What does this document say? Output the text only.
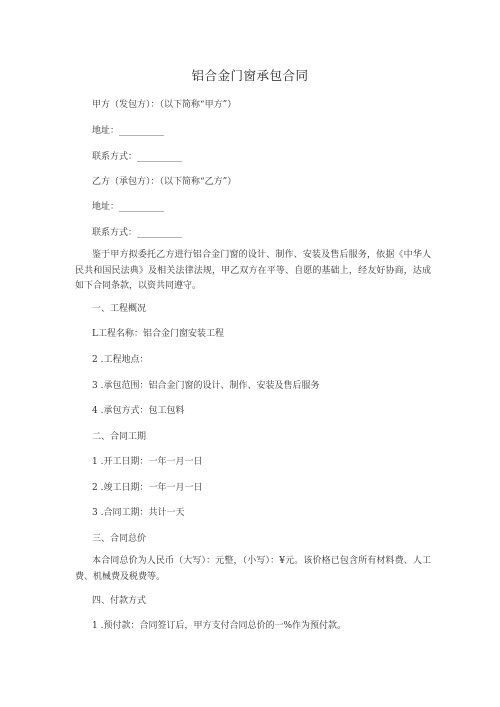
铝合金门窗承包合同
甲方（发包方）：（以下简称“甲方”）
地址：__________
联系方式：__________
乙方（承包方）：（以下简称“乙方”）
地址：__________
联系方式：__________
鉴于甲方拟委托乙方进行铝合金门窗的设计、制作、安装及售后服务，依据《中华人民共和国民法典》及相关法律法规，甲乙双方在平等、自愿的基础上，经友好协商，达成如下合同条款，以资共同遵守。
一、工程概况
L工程名称：铝合金门窗安装工程
2 .工程地点：
3 .承包范围：铝合金门窗的设计、制作、安装及售后服务
4 .承包方式：包工包料
二、合同工期
1 .开工日期：一年一月一日
2 .竣工日期：一年一月一日
3 .合同工期：共计一天
三、合同总价
本合同总价为人民币（大写）：元整，（小写）：¥元。该价格已包含所有材料费、人工费、机械费及税费等。
四、付款方式
1 .预付款：合同签订后，甲方支付合同总价的一%作为预付款。
